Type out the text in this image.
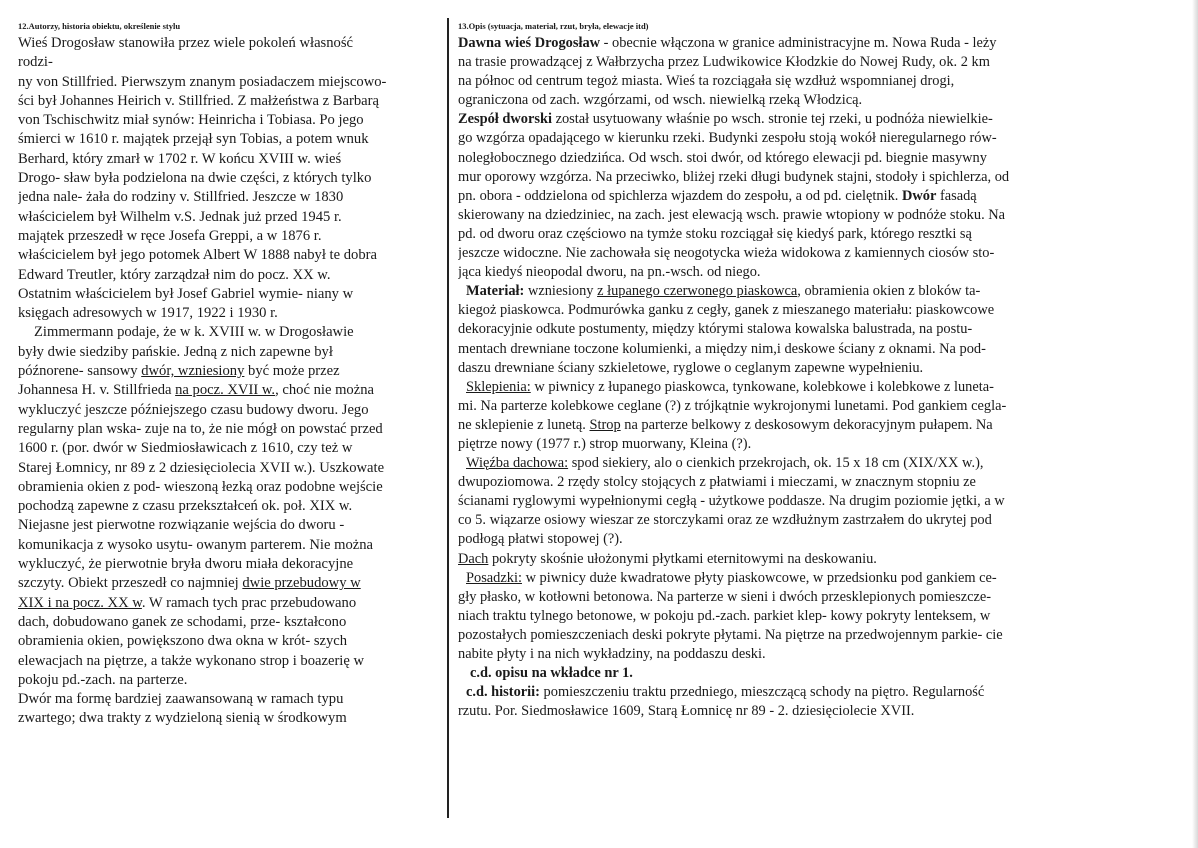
12.Autorzy, historia obiektu, określenie stylu
Wieś Drogosław stanowiła przez wiele pokoleń własność
rodzi-
ny von Stillfried. Pierwszym znanym posiadaczem miejscowo-
ści był Johannes Heirich v. Stillfried. Z małżeństwa z Barbarą
von Tschischwitz miał synów: Heinricha i Tobiasa. Po jego
śmierci w 1610 r. majątek przejął syn Tobias, a potem wnuk
Berhard, który zmarł w 1702 r. W końcu XVIII w. wieś
Drogo- sław była podzielona na dwie części, z których tylko
jedna nale- żała do rodziny v. Stillfried. Jeszcze w 1830
właścicielem był Wilhelm v.S. Jednak już przed 1945 r.
majątek przeszedł w ręce Josefa Greppi, a w 1876 r.
właścicielem był jego potomek Albert W 1888 nabył te dobra
Edward Treutler, który zarządzał nim do pocz. XX w.
Ostatnim właścicielem był Josef Gabriel wymie- niany w
księgach adresowych w 1917, 1922 i 1930 r.
Zimmermann podaje, że w k. XVIII w. w Drogosławie
były dwie siedziby pańskie. Jedną z nich zapewne był
późnorene- sansowy dwór, wzniesiony być może przez
Johannesa H. v. Stillfrieda na pocz. XVII w., choć nie można
wykluczyć jeszcze późniejszego czasu budowy dworu. Jego
regularny plan wska- zuje na to, że nie mógł on powstać przed
1600 r. (por. dwór w Siedmiosławicach z 1610, czy też w
Starej Łomnicy, nr 89 z 2 dziesięciolecia XVII w.). Uszkowate
obramienia okien z pod- wieszoną łezką oraz podobne wejście
pochodzą zapewne z czasu przekształceń ok. poł. XIX w.
Niejasne jest pierwotne rozwiązanie wejścia do dworu -
komunikacja z wysoko usytu- owanym parterem. Nie można
wykluczyć, że pierwotnie bryła dworu miała dekoracyjne
szczyty. Obiekt przeszedł co najmniej dwie przebudowy w
XIX i na pocz. XX w. W ramach tych prac przebudowano
dach, dobudowano ganek ze schodami, prze- kształcono
obramienia okien, powiększono dwa okna w krót- szych
elewacjach na piętrze, a także wykonano strop i boazerię w
pokoju pd.-zach. na parterze.
Dwór ma formę bardziej zaawansowaną w ramach typu
zwartego; dwa trakty z wydzieloną sienią w środkowym
13.Opis (sytuacja, materiał, rzut, bryła, elewacje itd)
Dawna wieś Drogosław - obecnie włączona w granice administracyjne m. Nowa Ruda - leży
na trasie prowadzącej z Wałbrzycha przez Ludwikowice Kłodzkie do Nowej Rudy, ok. 2 km
na północ od centrum tegoż miasta. Wieś ta rozciągała się wzdłuż wspomnianej drogi,
ograniczona od zach. wzgórzami, od wsch. niewielką rzeką Włodzicą.
Zespół dworski został usytuowany właśnie po wsch. stronie tej rzeki, u podnóża niewielkie-
go wzgórza opadającego w kierunku rzeki. Budynki zespołu stoją wokół nieregularnego rów-
noległobocznego dziedzińca. Od wsch. stoi dwór, od którego elewacji pd. biegnie masywny
mur oporowy wzgórza. Na przeciwko, bliżej rzeki długi budynek stajni, stodoły i spichlerza, od
pn. obora - oddzielona od spichlerza wjazdem do zespołu, a od pd. cielętnik. Dwór fasadą
skierowany na dziedziniec, na zach. jest elewacją wsch. prawie wtopiony w podnóże stoku. Na
pd. od dworu oraz częściowo na tymże stoku rozciągał się kiedyś park, którego resztki są
jeszcze widoczne. Nie zachowała się neogotycka wieża widokowa z kamiennych ciosów sto-
jąca kiedyś nieopodal dworu, na pn.-wsch. od niego.
Materiał: wzniesiony z łupanego czerwonego piaskowca, obramienia okien z bloków ta-
kiegoż piaskowca. Podmurówka ganku z cegły, ganek z mieszanego materiału: piaskowcowe
dekoracyjnie odkute postumenty, między którymi stalowa kowalska balustrada, na postu-
mentach drewniane toczone kolumienki, a między nim,i deskowe ściany z oknami. Na pod-
daszu drewniane ściany szkieletowe, ryglowe o ceglanym zapewne wypełnieniu.
Sklepienia: w piwnicy z łupanego piaskowca, tynkowane, kolebkowe i kolebkowe z luneta-
mi. Na parterze kolebkowe ceglane (?) z trójkątnie wykrojonymi lunetami. Pod gankiem cegla-
ne sklepienie z lunetą. Strop na parterze belkowy z deskosowym dekoracyjnym pułapem. Na
piętrze nowy (1977 r.) strop muorwany, Kleina (?).
Więźba dachowa: spod siekiery, alo o cienkich przekrojach, ok. 15 x 18 cm (XIX/XX w.),
dwupoziomowa. 2 rzędy stolcy stojących z płatwiami i mieczami, w znacznym stopniu ze
ścianami ryglowymi wypełnionymi cegłą - użytkowe poddasze. Na drugim poziomie jętki, a w
co 5. wiązarze osiowy wieszar ze storczykami oraz ze wzdłużnym zastrzałem do ukrytej pod
podłogą płatwi stopowej (?).
Dach pokryty skośnie ułożonymi płytkami eternitowymi na deskowaniu.
Posadzki: w piwnicy duże kwadratowe płyty piaskowcowe, w przedsionku pod gankiem ce-
gły płasko, w kotłowni betonowa. Na parterze w sieni i dwóch przesklepionych pomieszcze-
niach traktu tylnego betonowe, w pokoju pd.-zach. parkiet klep- kowy pokryty lenteksem, w
pozostałych pomieszczeniach deski pokryte płytami. Na piętrze na przedwojennym parkie- cie
nabite płyty i na nich wykładziny, na poddaszu deski.
c.d. opisu na wkładce nr 1.
c.d. historii: pomieszczeniu traktu przedniego, mieszczącą schody na piętro. Regularność
rzutu. Por. Siedmosławice 1609, Starą Łomnicę nr 89 - 2. dziesięciolecie XVII.
